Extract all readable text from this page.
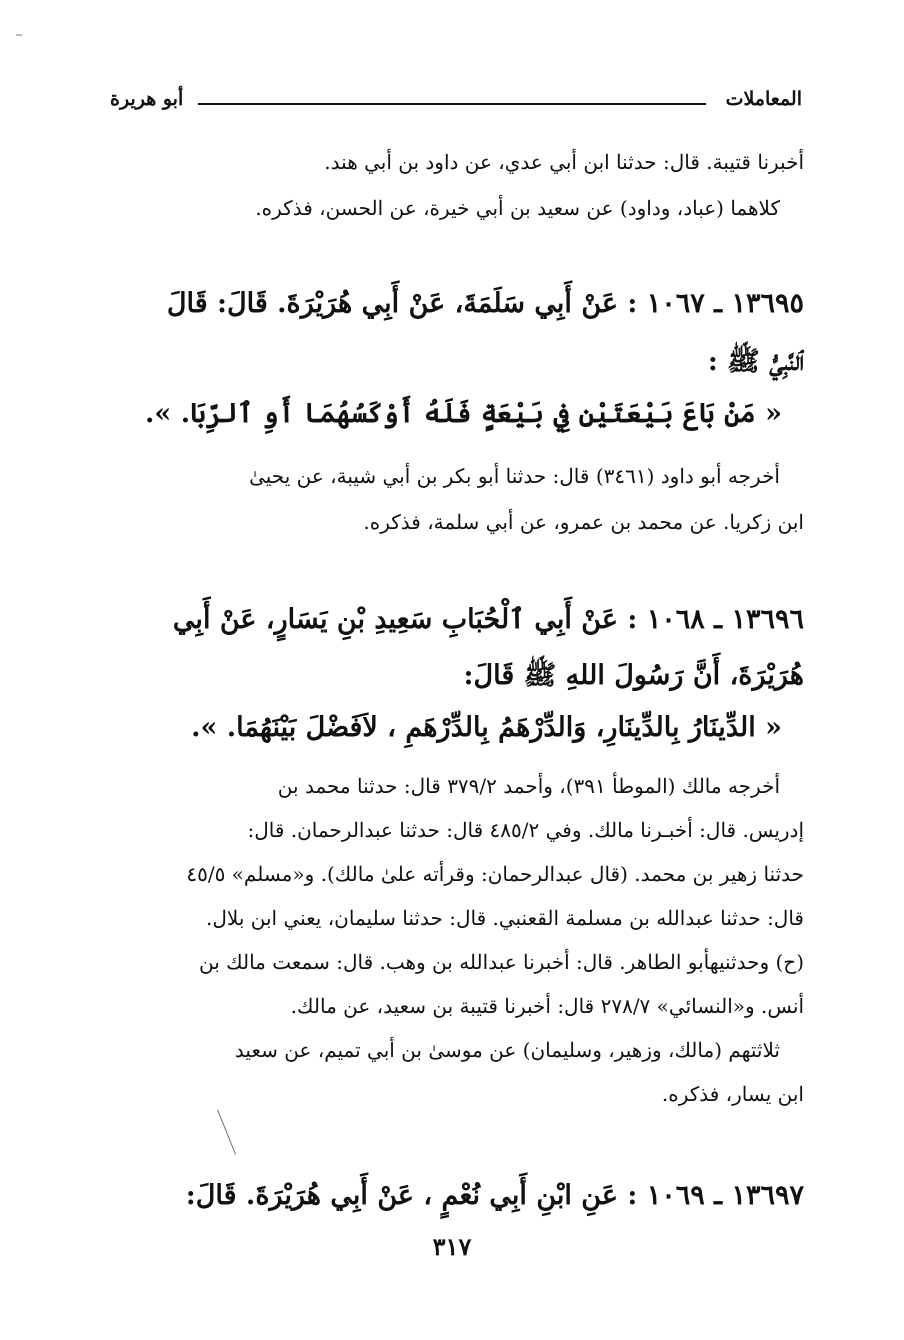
المعاملات
أبو هريرة
أخبرنا قتيبة. قال: حدثنا ابن أبي عدي، عن داود بن أبي هند.
كلاهما (عباد، وداود) عن سعيد بن أبي خيرة، عن الحسن، فذكره.
١٣٦٩٥ ـ ١٠٦٧ : عَنْ أَبِي سَلَمَةَ، عَنْ أَبِي هُرَيْرَةَ. قَالَ: قَالَ
ٱلنَّبِيُّ ﷺ :
« مَنْ بَاعَ بَيْعَتَيْنِ فِي بَيْعَةٍ فَلَهُ أَوْكَسُهُمَا أَوِ ٱلرِّبَا. ».
أخرجه أبو داود (٣٤٦١) قال: حدثنا أبو بكر بن أبي شيبة، عن يحيىٰ
ابن زكريا. عن محمد بن عمرو، عن أبي سلمة، فذكره.
١٣٦٩٦ ـ ١٠٦٨ : عَنْ أَبِي ٱلْحُبَابِ سَعِيدِ بْنِ يَسَارٍ، عَنْ أَبِي
هُرَيْرَةَ، أَنَّ رَسُولَ اللهِ ﷺ قَالَ:
« الدِّينَارُ بِالدِّينَارِ، وَالدِّرْهَمُ بِالدِّرْهَمِ ، لاَفَضْلَ بَيْنَهُمَا. ».
أخرجه مالك (الموطأ ٣٩١)، وأحمد ٣٧٩/٢ قال: حدثنا محمد بن
إدريس. قال: أخبـرنا مالك. وفي ٤٨٥/٢ قال: حدثنا عبدالرحمان. قال:
حدثنا زهير بن محمد. (قال عبدالرحمان: وقرأته علىٰ مالك). و«مسلم» ٤٥/٥
قال: حدثنا عبدالله بن مسلمة القعنبي. قال: حدثنا سليمان، يعني ابن بلال.
(ح) وحدثنيهأبو الطاهر. قال: أخبرنا عبدالله بن وهب. قال: سمعت مالك بن
أنس. و«النسائي» ٢٧٨/٧ قال: أخبرنا قتيبة بن سعيد، عن مالك.
ثلاثتهم (مالك، وزهير، وسليمان) عن موسىٰ بن أبي تميم، عن سعيد
ابن يسار، فذكره.
١٣٦٩٧ ـ ١٠٦٩ : عَنِ ابْنِ أَبِي نُعْمٍ ، عَنْ أَبِي هُرَيْرَةَ. قَالَ:
٣١٧
